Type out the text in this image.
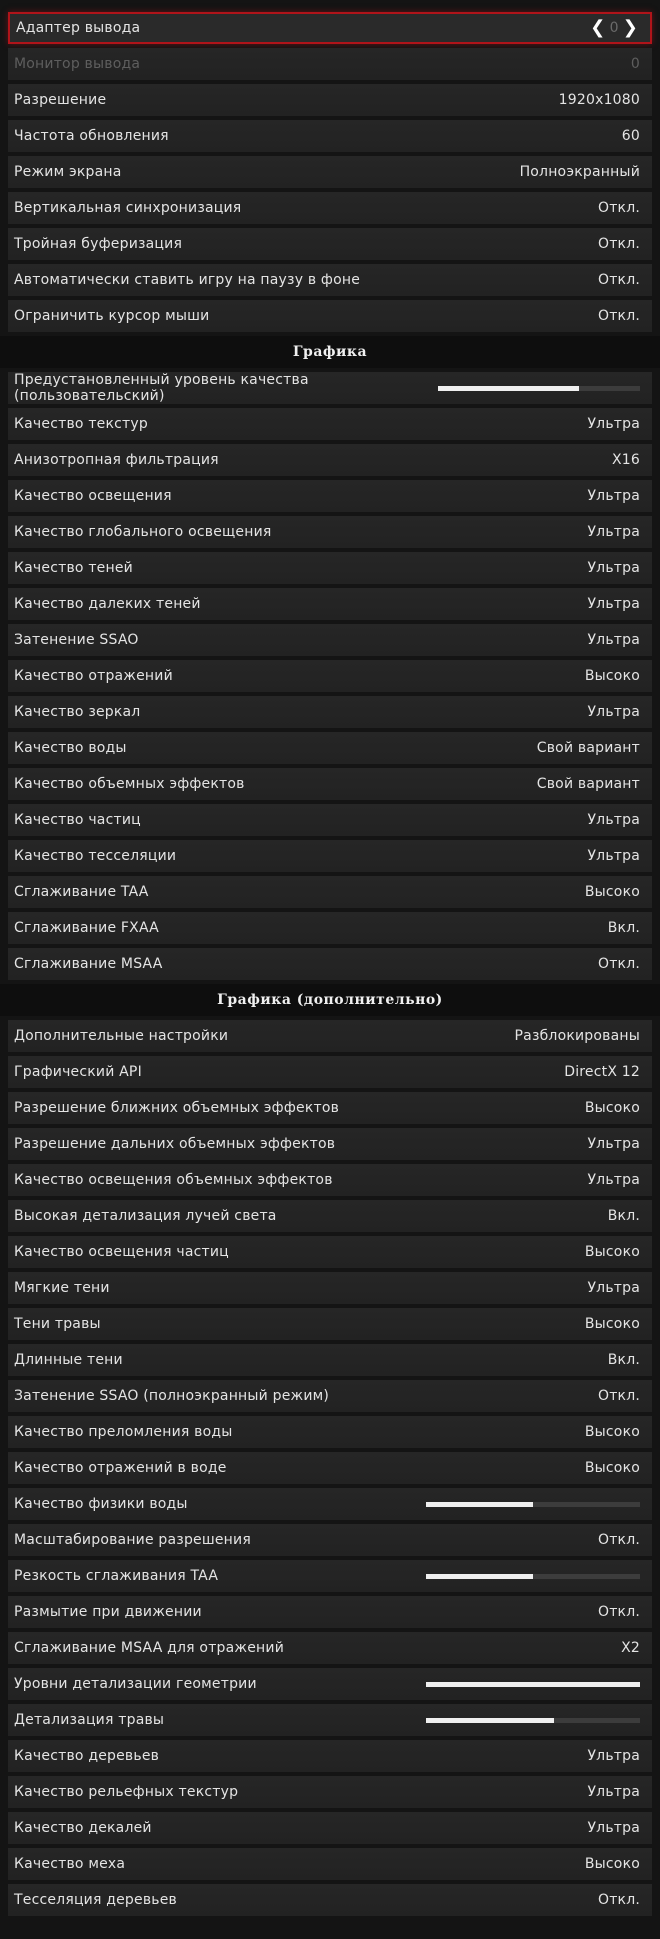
Адаптер вывода	❮ 0 ❯
Монитор вывода	0
Разрешение	1920x1080
Частота обновления	60
Режим экрана	Полноэкранный
Вертикальная синхронизация	Откл.
Тройная буферизация	Откл.
Автоматически ставить игру на паузу в фоне	Откл.
Ограничить курсор мыши	Откл.
Графика
Предустановленный уровень качества (пользовательский)
Качество текстур	Ультра
Анизотропная фильтрация	X16
Качество освещения	Ультра
Качество глобального освещения	Ультра
Качество теней	Ультра
Качество далеких теней	Ультра
Затенение SSAO	Ультра
Качество отражений	Высоко
Качество зеркал	Ультра
Качество воды	Свой вариант
Качество объемных эффектов	Свой вариант
Качество частиц	Ультра
Качество тесселяции	Ультра
Сглаживание TAA	Высоко
Сглаживание FXAA	Вкл.
Сглаживание MSAA	Откл.
Графика (дополнительно)
Дополнительные настройки	Разблокированы
Графический API	DirectX 12
Разрешение ближних объемных эффектов	Высоко
Разрешение дальних объемных эффектов	Ультра
Качество освещения объемных эффектов	Ультра
Высокая детализация лучей света	Вкл.
Качество освещения частиц	Высоко
Мягкие тени	Ультра
Тени травы	Высоко
Длинные тени	Вкл.
Затенение SSAO (полноэкранный режим)	Откл.
Качество преломления воды	Высоко
Качество отражений в воде	Высоко
Качество физики воды
Масштабирование разрешения	Откл.
Резкость сглаживания TAA
Размытие при движении	Откл.
Сглаживание MSAA для отражений	X2
Уровни детализации геометрии
Детализация травы
Качество деревьев	Ультра
Качество рельефных текстур	Ультра
Качество декалей	Ультра
Качество меха	Высоко
Тесселяция деревьев	Откл.
